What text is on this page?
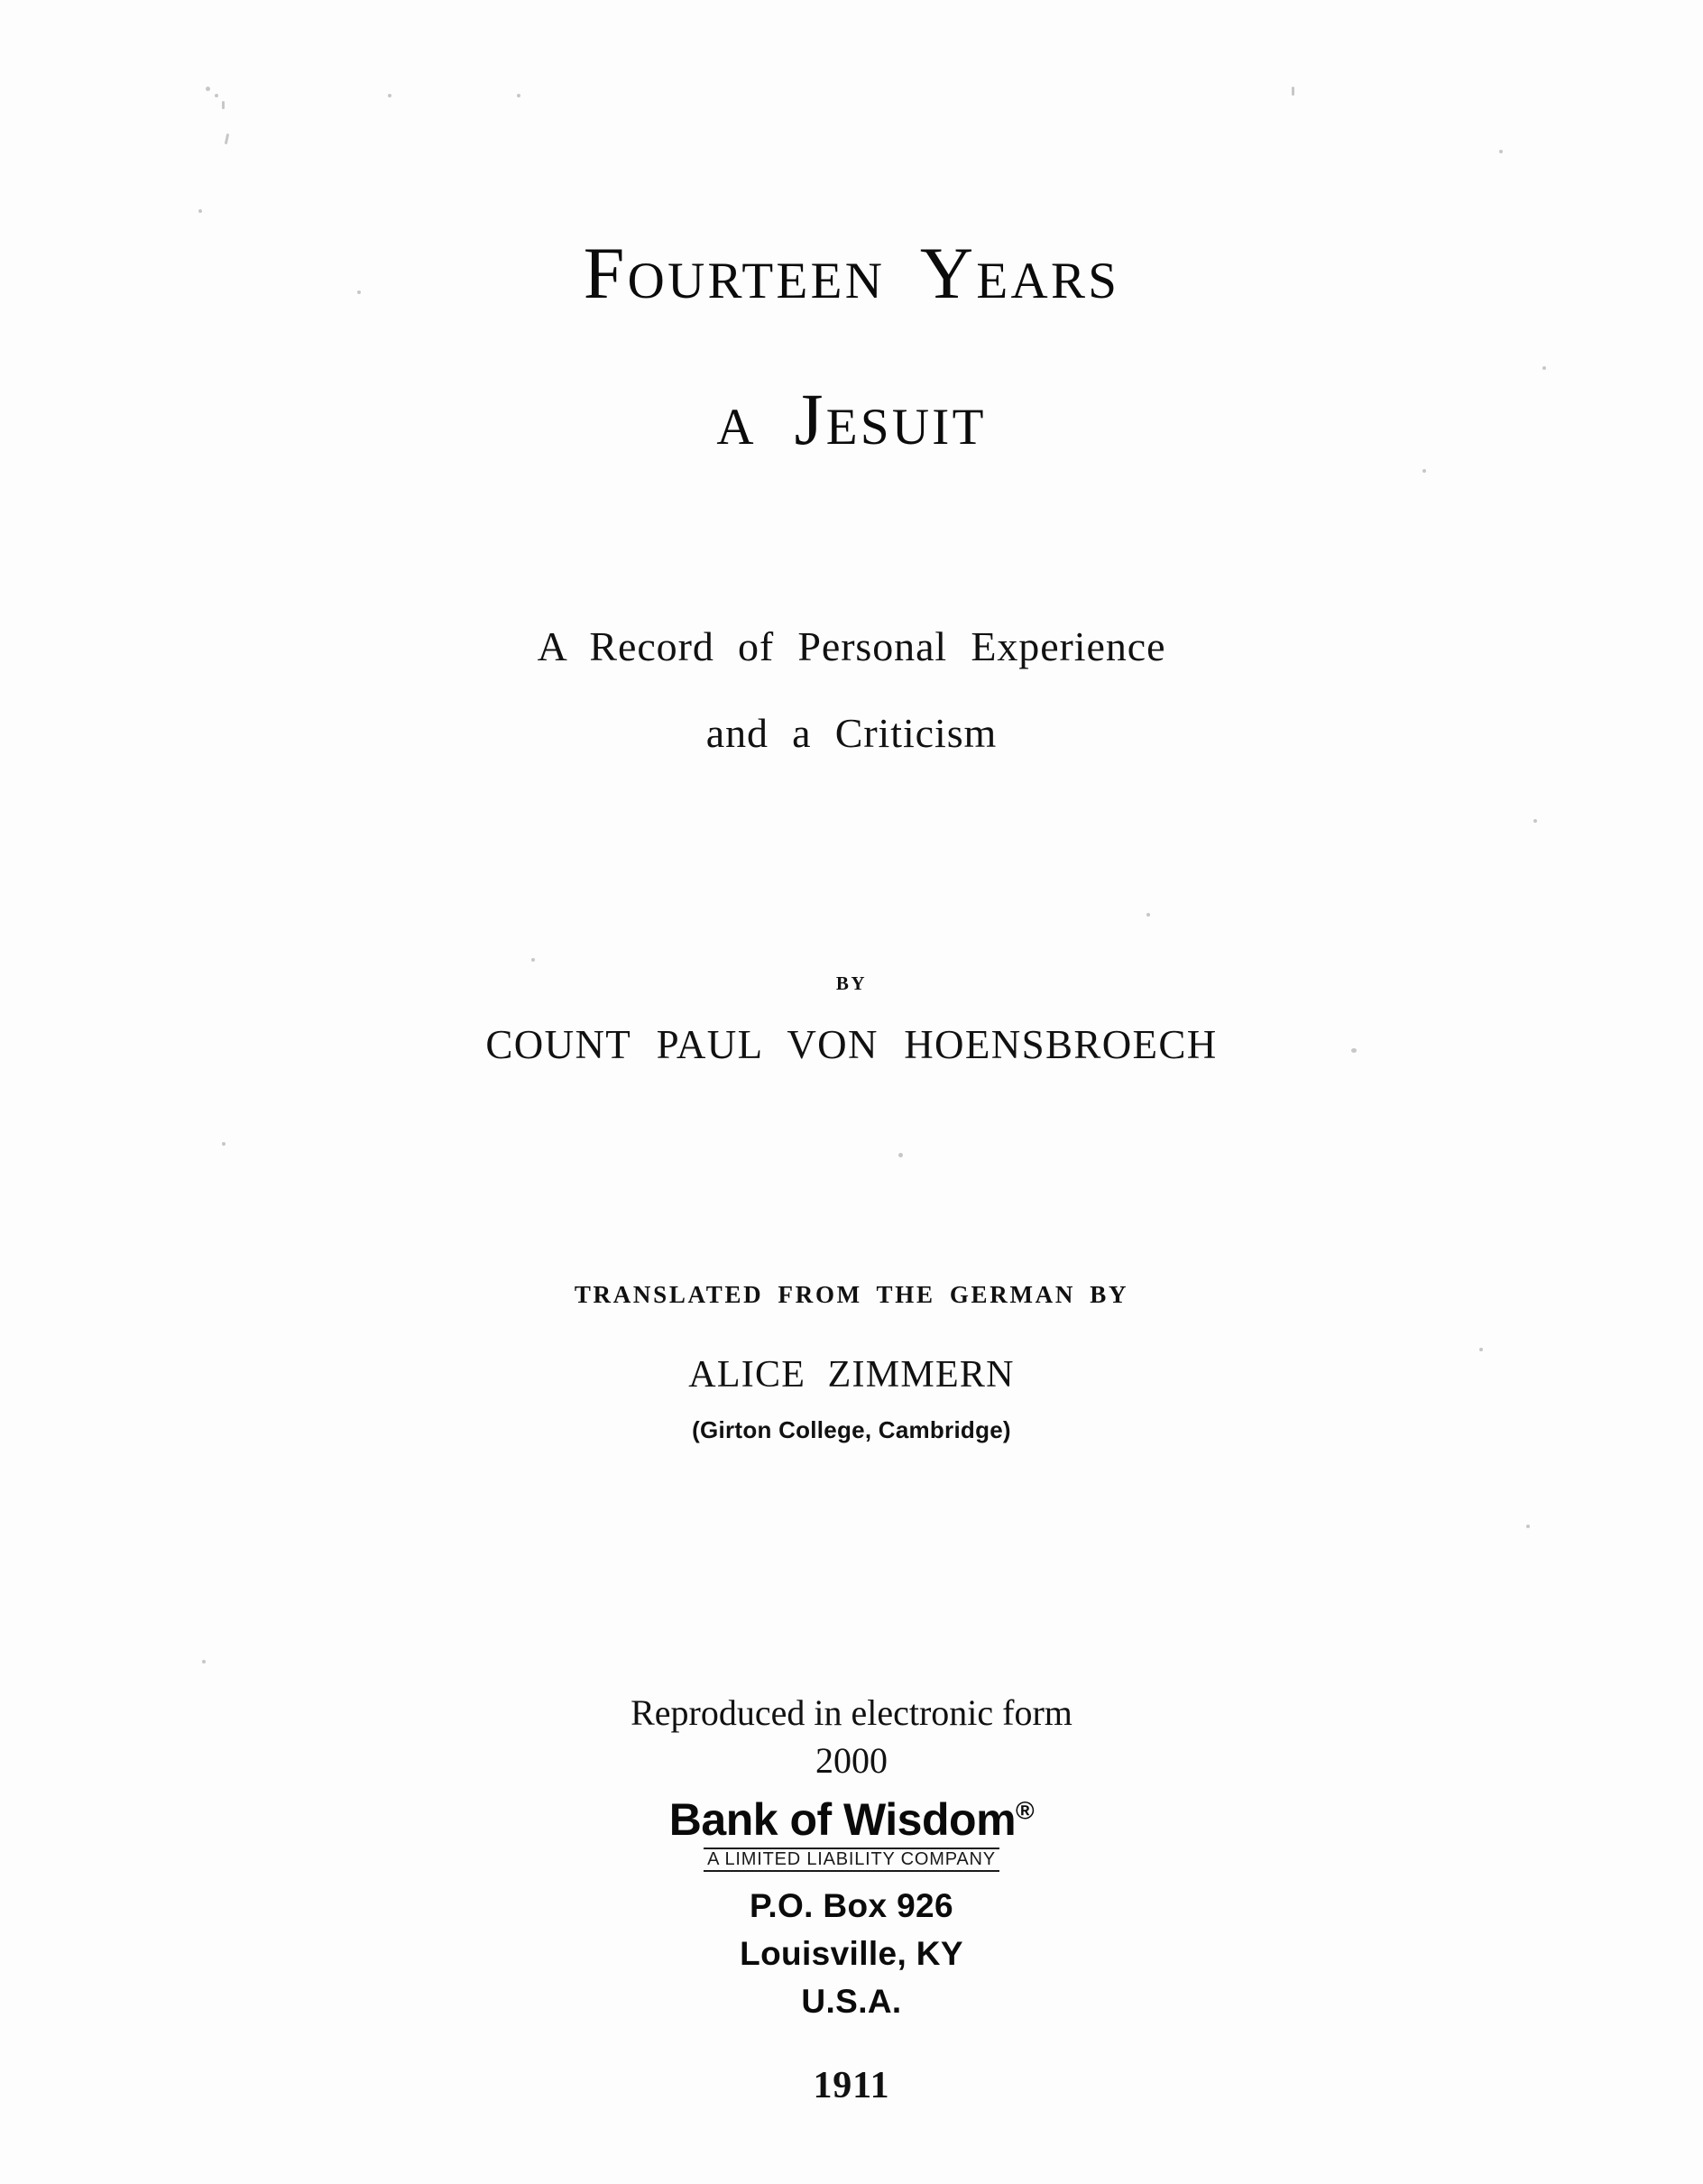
Fourteen Years
a Jesuit
A Record of Personal Experience
and a Criticism
BY
COUNT PAUL VON HOENSBROECH
TRANSLATED FROM THE GERMAN BY
ALICE ZIMMERN
(Girton College, Cambridge)
Reproduced in electronic form
2000
Bank of Wisdom®
A LIMITED LIABILITY COMPANY
P.O. Box 926
Louisville, KY
U.S.A.
1911
